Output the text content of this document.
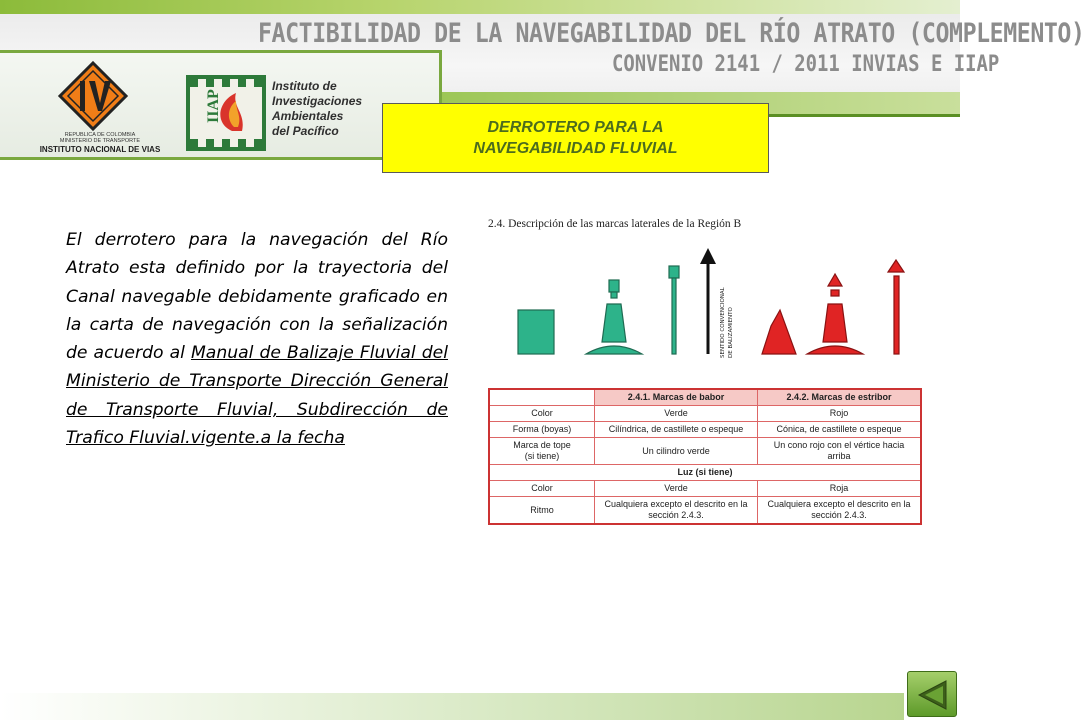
FACTIBILIDAD DE LA NAVEGABILIDAD DEL RÍO ATRATO (COMPLEMENTO)
CONVENIO 2141 / 2011 INVIAS E IIAP
REPUBLICA DE COLOMBIA
MINISTERIO DE TRANSPORTE
INSTITUTO NACIONAL DE VIAS
IIAP
Instituto de
Investigaciones
Ambientales
del Pacífico	DERROTERO PARA LA
NAVEGABILIDAD FLUVIAL
El derrotero para la navegación del Río Atrato esta definido por la trayectoria del Canal navegable debidamente graficado en la carta de navegación con la señalización de acuerdo al Manual de Balizaje Fluvial del Ministerio de Transporte Dirección General de Transporte Fluvial, Subdirección de Trafico Fluvial.vigente.a la fecha
2.4. Descripción de las marcas laterales de la Región B
SENTIDO CONVENCIONAL DE BALIZAMIENTO
	2.4.1. Marcas de babor	2.4.2. Marcas de estribor
Color	Verde	Rojo
Forma (boyas)	Cilíndrica, de castillete o espeque	Cónica, de castillete o espeque
Marca de tope
(si tiene)	Un cilindro verde	Un cono rojo con el vértice hacia arriba
Luz (si tiene)		
Color	Verde	Roja
Ritmo	Cualquiera excepto el descrito en la sección 2.4.3.	Cualquiera excepto el descrito en la sección 2.4.3.
